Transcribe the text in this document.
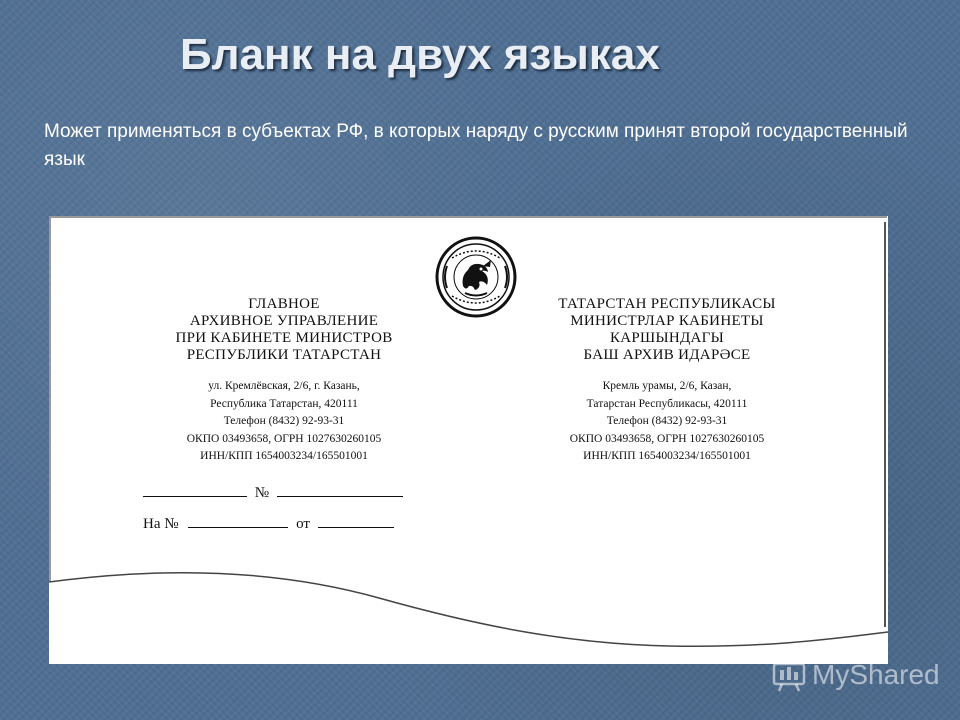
Бланк на двух языках
Может применяться в субъектах РФ, в которых наряду с русским принят второй государственный язык
ГЛАВНОЕ
АРХИВНОЕ УПРАВЛЕНИЕ
ПРИ КАБИНЕТЕ МИНИСТРОВ
РЕСПУБЛИКИ ТАТАРСТАН
ул. Кремлёвская, 2/6, г. Казань,
Республика Татарстан, 420111
Телефон (8432) 92-93-31
ОКПО 03493658, ОГРН 1027630260105
ИНН/КПП 1654003234/165501001
ТАТАРСТАН РЕСПУБЛИКАСЫ
МИНИСТРЛАР КАБИНЕТЫ
КАРШЫНДАГЫ
БАШ АРХИВ ИДАРӘСЕ
Кремль урамы, 2/6, Казан,
Татарстан Республикасы, 420111
Телефон (8432) 92-93-31
ОКПО 03493658, ОГРН 1027630260105
ИНН/КПП 1654003234/165501001
№
На №	от
MyShared
